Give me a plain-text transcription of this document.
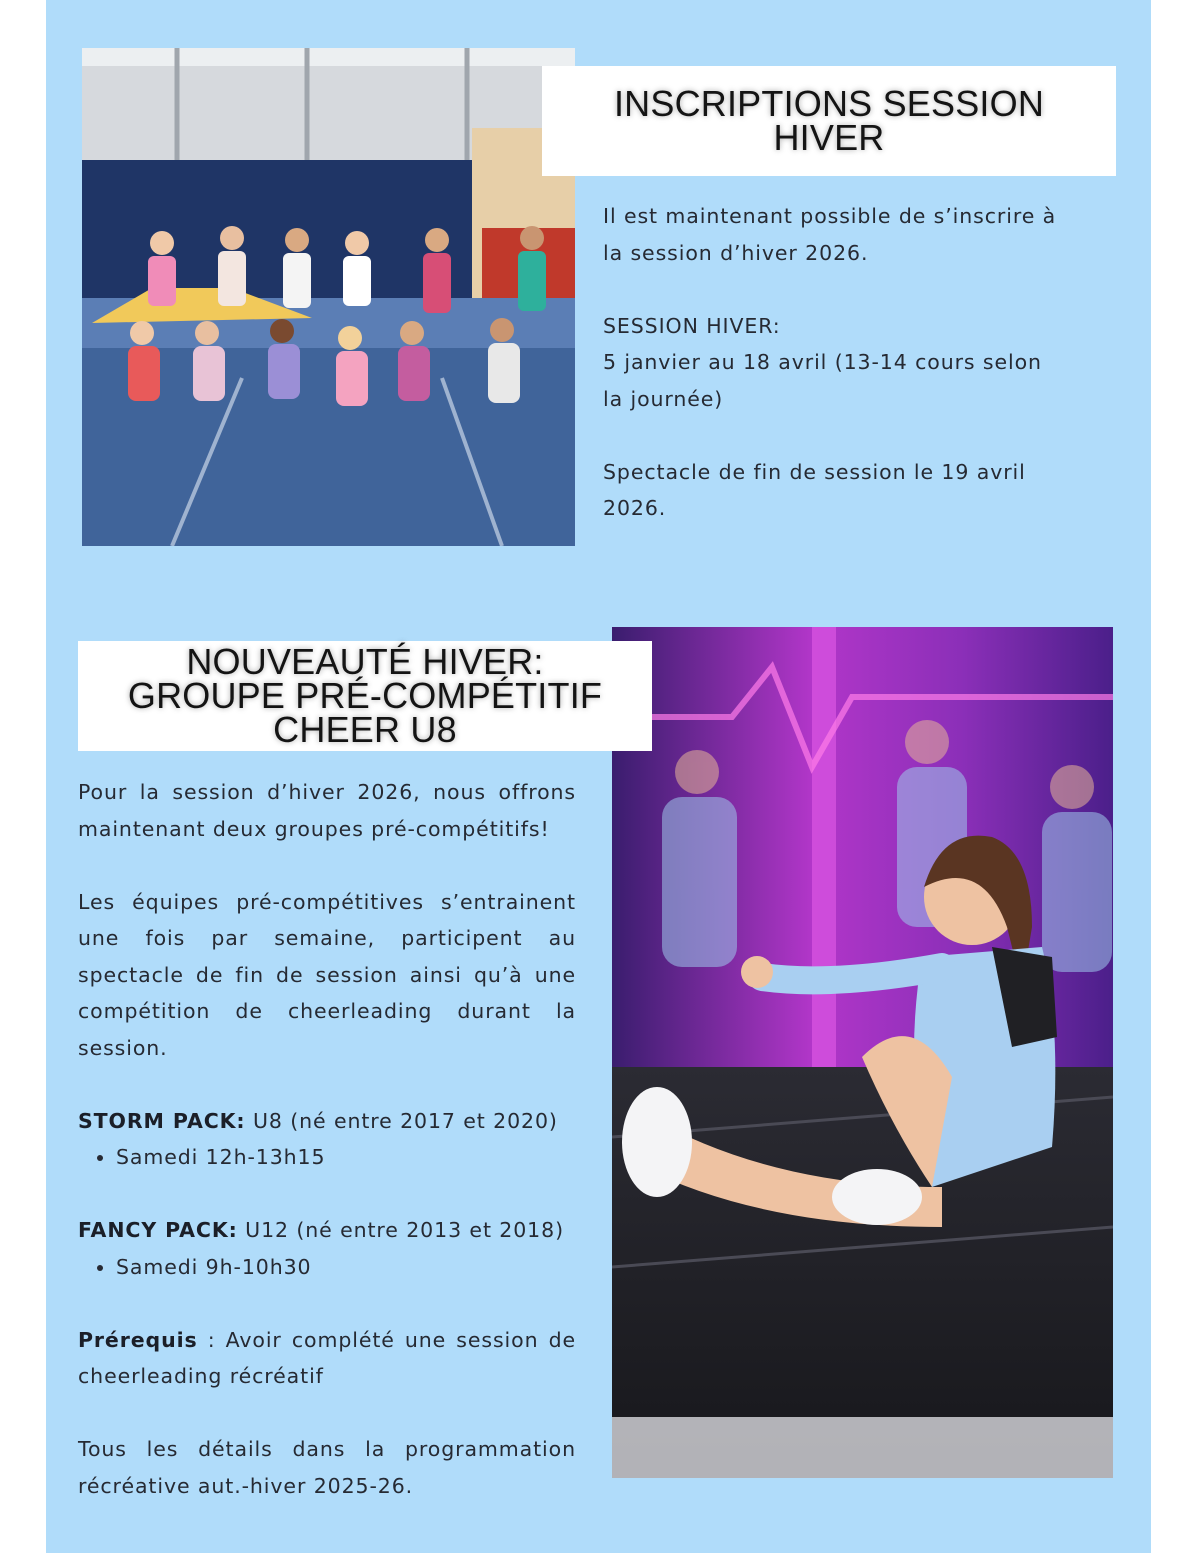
INSCRIPTIONS SESSION
HIVER

Il est maintenant possible de s’inscrire à

la session d’hiver 2026.

SESSION HIVER:

5 janvier au 18 avril (13-14 cours selon

la journée)

Spectacle de fin de session le 19 avril

2026.

NOUVEAUTÉ HIVER:
GROUPE PRÉ-COMPÉTITIF
CHEER U8

Pour la session d’hiver 2026, nous offrons

maintenant deux groupes pré-compétitifs!

Les équipes pré-compétitives s’entrainent

une fois par semaine, participent au

spectacle de fin de session ainsi qu’à une

compétition de cheerleading durant la

session.

STORM PACK: U8 (né entre 2017 et 2020)

• Samedi 12h-13h15

FANCY PACK: U12 (né entre 2013 et 2018)

• Samedi 9h-10h30

Prérequis : Avoir complété une session de

cheerleading récréatif

Tous les détails dans la programmation

récréative aut.-hiver 2025-26.
